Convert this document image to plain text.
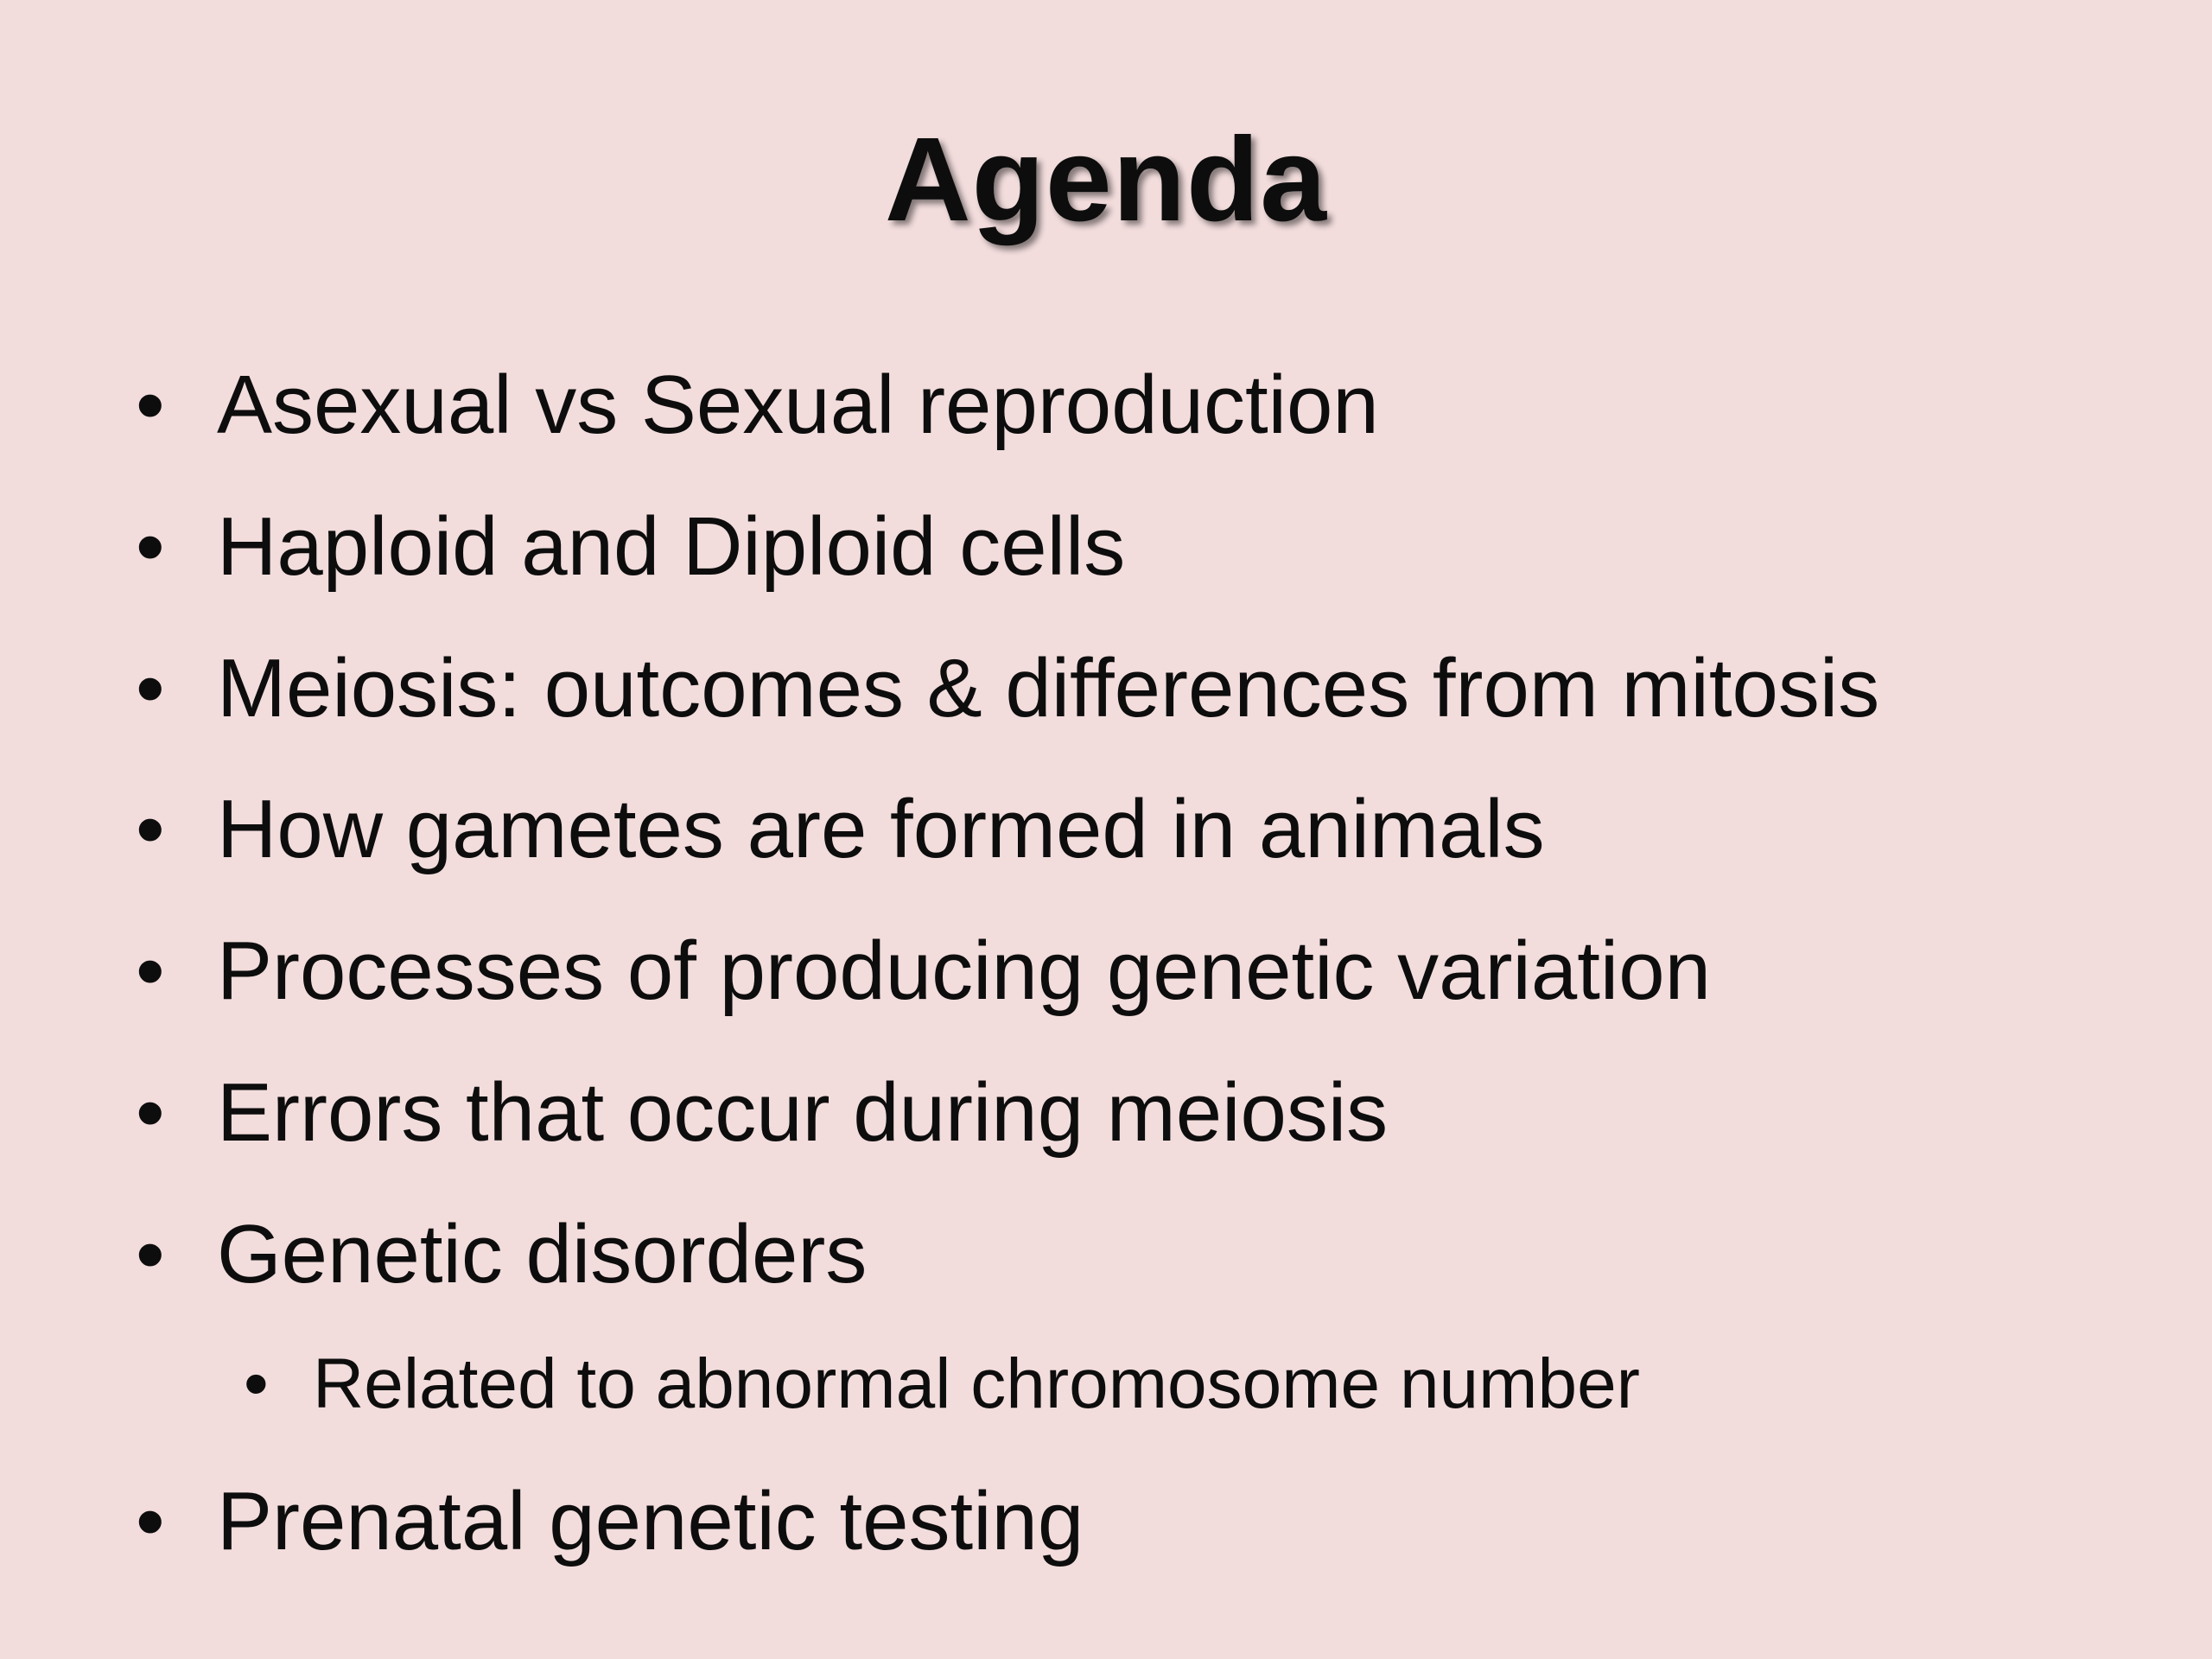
Agenda
• Asexual vs Sexual reproduction
• Haploid and Diploid cells
• Meiosis: outcomes & differences from mitosis
• How gametes are formed in animals
• Processes of producing genetic variation
• Errors that occur during meiosis
• Genetic disorders
• Related to abnormal chromosome number
• Prenatal genetic testing
